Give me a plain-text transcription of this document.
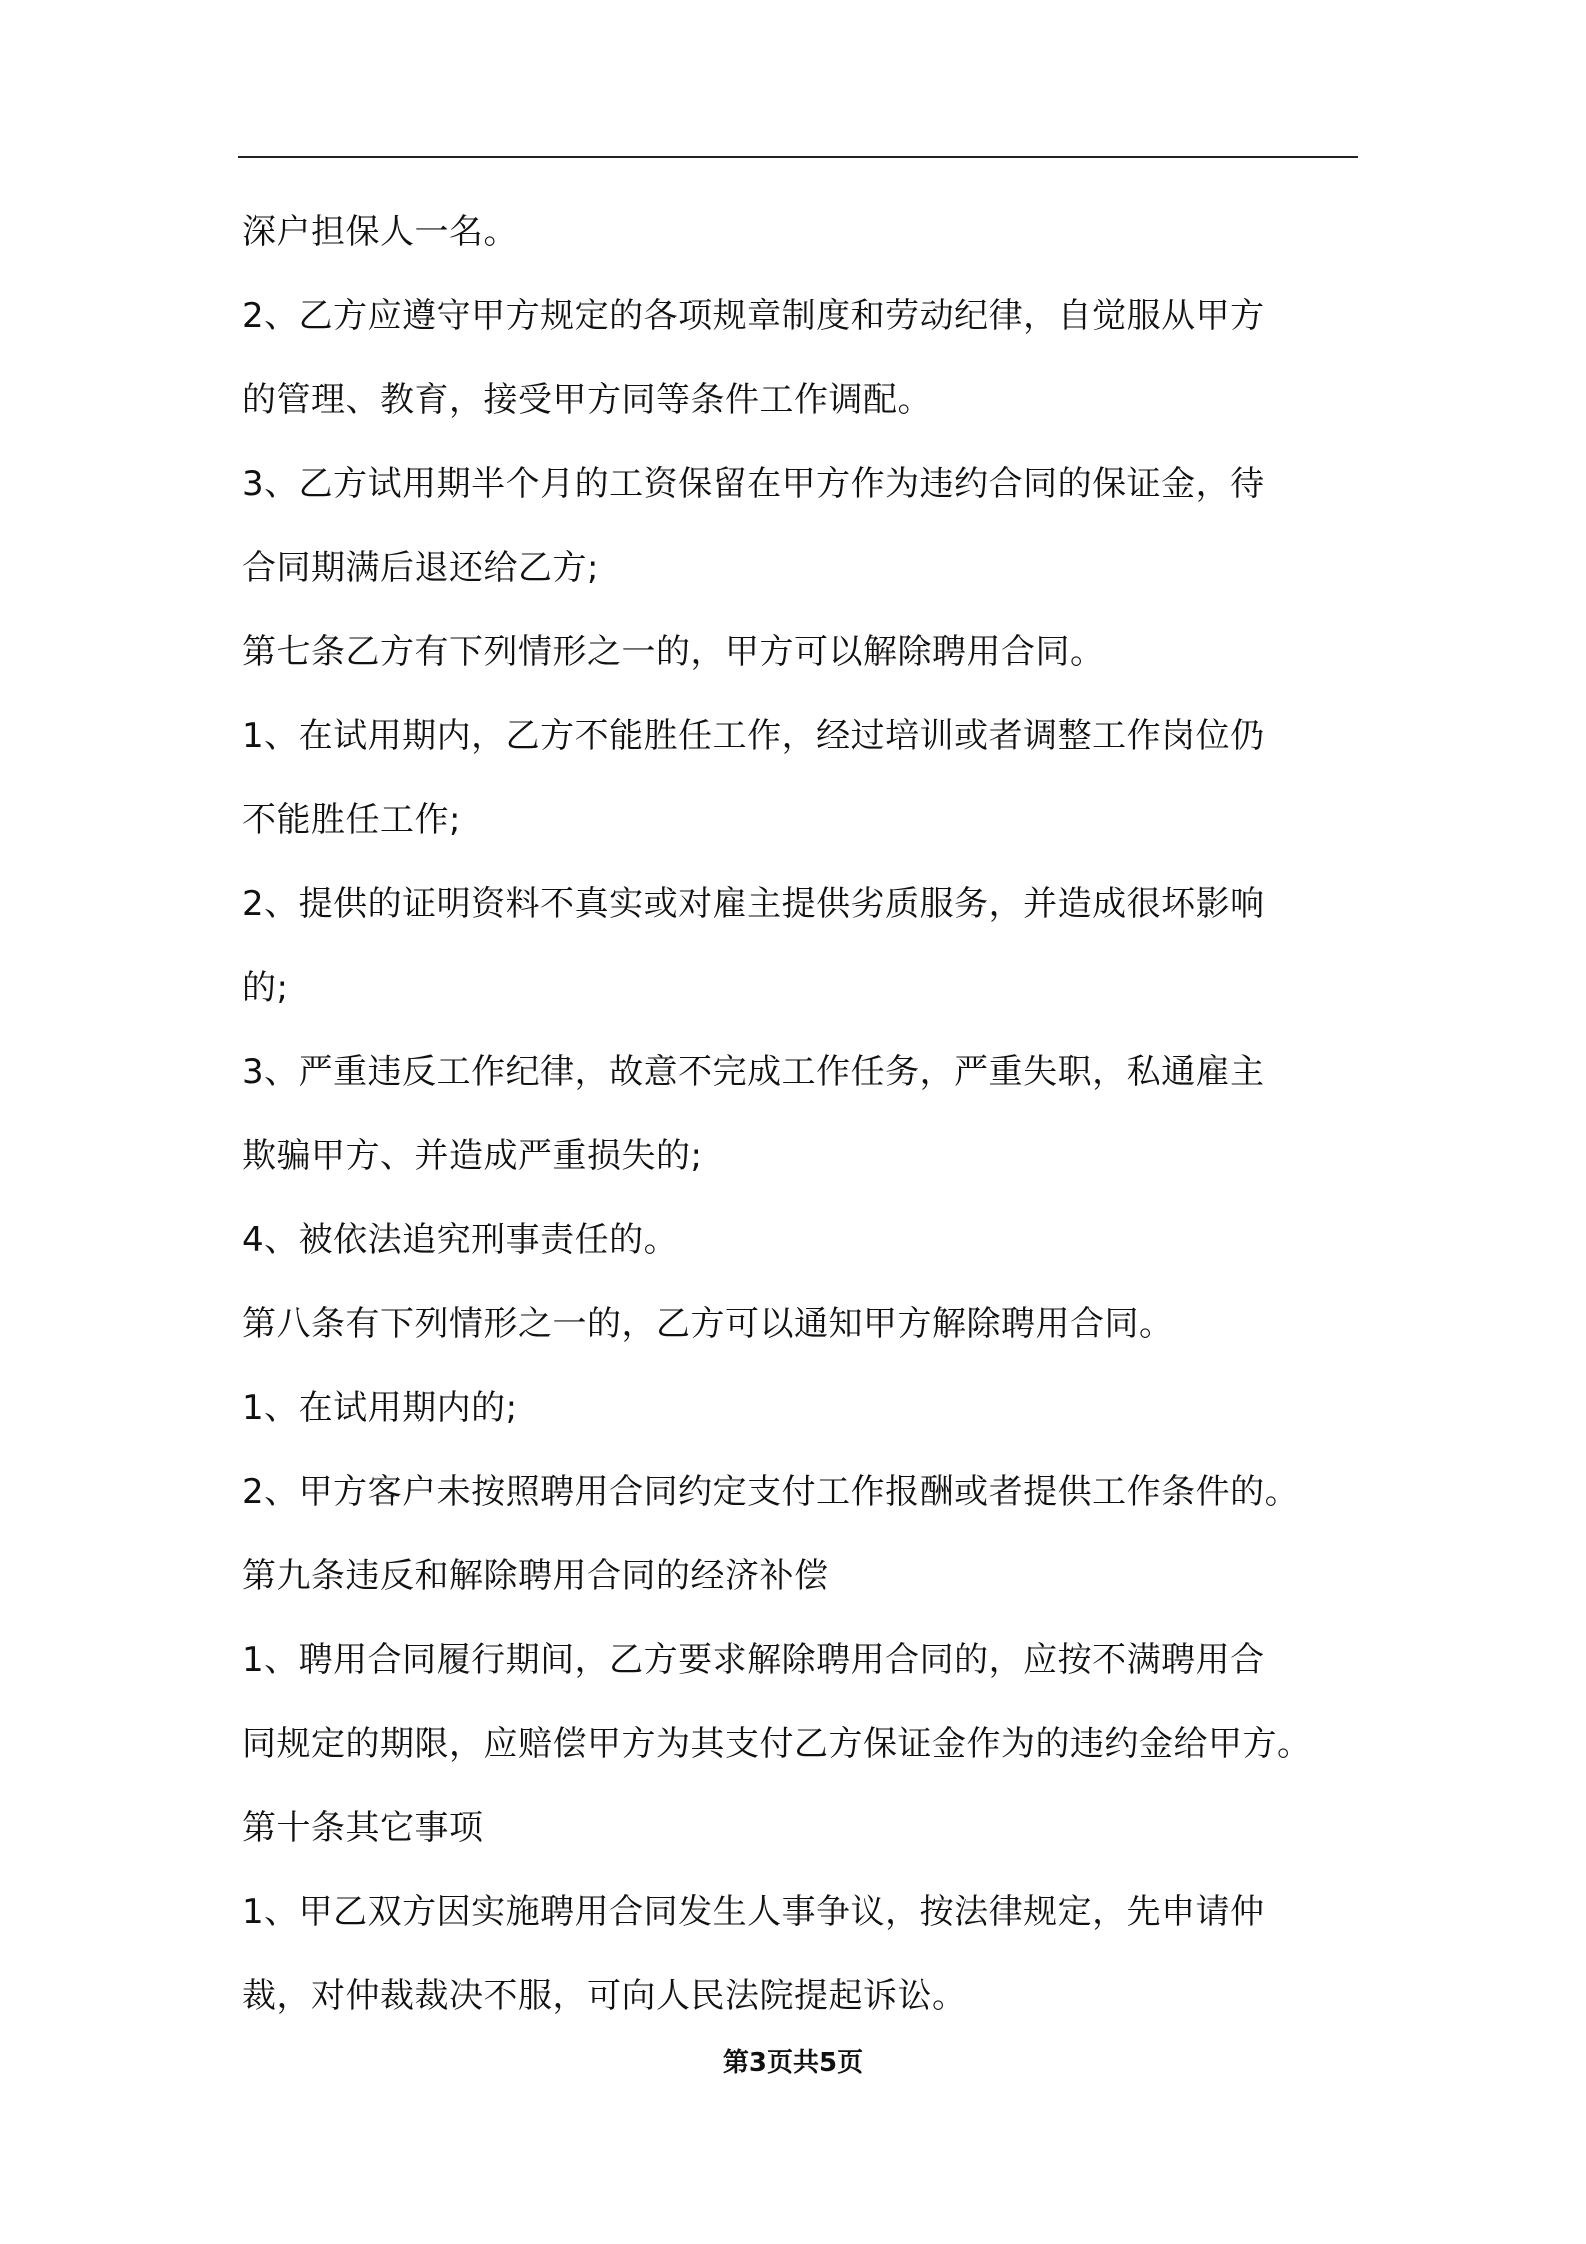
深户担保人一名。
2、乙方应遵守甲方规定的各项规章制度和劳动纪律，自觉服从甲方
的管理、教育，接受甲方同等条件工作调配。
3、乙方试用期半个月的工资保留在甲方作为违约合同的保证金，待
合同期满后退还给乙方;
第七条乙方有下列情形之一的，甲方可以解除聘用合同。
1、在试用期内，乙方不能胜任工作，经过培训或者调整工作岗位仍
不能胜任工作;
2、提供的证明资料不真实或对雇主提供劣质服务，并造成很坏影响
的;
3、严重违反工作纪律，故意不完成工作任务，严重失职，私通雇主
欺骗甲方、并造成严重损失的;
4、被依法追究刑事责任的。
第八条有下列情形之一的，乙方可以通知甲方解除聘用合同。
1、在试用期内的;
2、甲方客户未按照聘用合同约定支付工作报酬或者提供工作条件的。
第九条违反和解除聘用合同的经济补偿
1、聘用合同履行期间，乙方要求解除聘用合同的，应按不满聘用合
同规定的期限，应赔偿甲方为其支付乙方保证金作为的违约金给甲方。
第十条其它事项
1、甲乙双方因实施聘用合同发生人事争议，按法律规定，先申请仲
裁，对仲裁裁决不服，可向人民法院提起诉讼。
第3页共5页
